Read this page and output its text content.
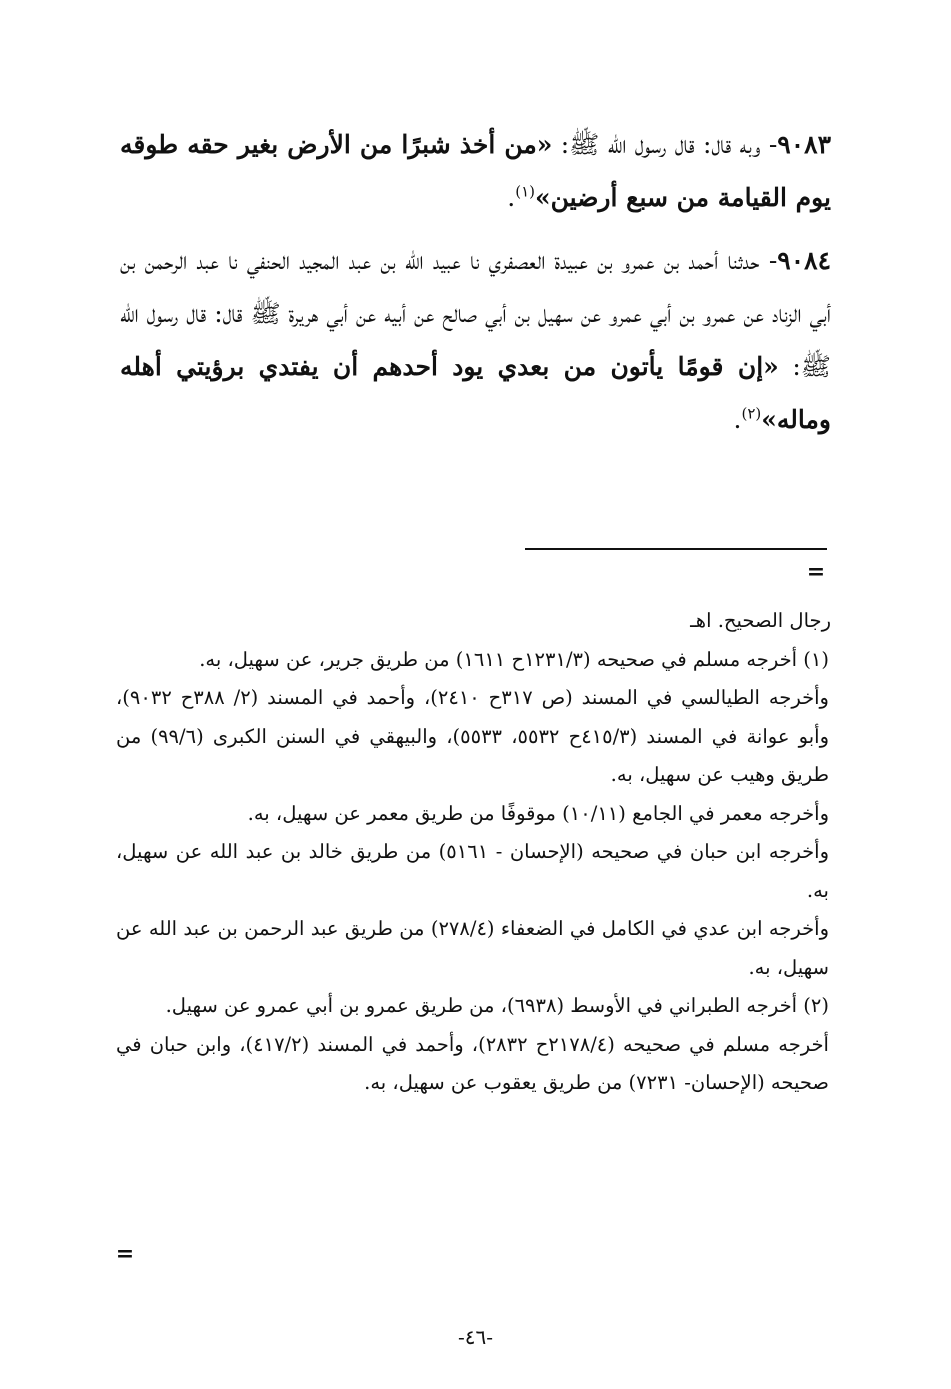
٩٠٨٣- وبه قال: قال رسول الله ﷺ: «من أخذ شبرًا من الأرض بغير حقه طوقه يوم القيامة من سبع أرضين»$^{(١)}$.

٩٠٨٤- حدثنا أحمد بن عمرو بن عبيدة العصفري نا عبيد الله بن عبد المجيد الحنفي نا عبد الرحمن بن أبي الزناد عن عمرو بن أبي عمرو عن سهيل بن أبي صالح عن أبيه عن أبي هريرة ﷺ قال: قال رسول الله ﷺ: «إن قومًا يأتون من بعدي يود أحدهم أن يفتدي برؤيتي أهله وماله»$^{(٢)}$.

=

رجال الصحيح. اهـ

(١) أخرجه مسلم في صحيحه (١٢٣١/٣ح ١٦١١) من طريق جرير، عن سهيل، به.

وأخرجه الطيالسي في المسند (ص ٣١٧ح ٢٤١٠)، وأحمد في المسند (٢/ ٣٨٨ح ٩٠٣٢)، وأبو عوانة في المسند (٤١٥/٣ح ٥٥٣٢، ٥٥٣٣)، والبيهقي في السنن الكبرى (٩٩/٦) من طريق وهيب عن سهيل، به.

وأخرجه معمر في الجامع (١٠/١١) موقوفًا من طريق معمر عن سهيل، به.

وأخرجه ابن حبان في صحيحه (الإحسان - ٥١٦١) من طريق خالد بن عبد الله عن سهيل، به.

وأخرجه ابن عدي في الكامل في الضعفاء (٢٧٨/٤) من طريق عبد الرحمن بن عبد الله عن سهيل، به.

(٢) أخرجه الطبراني في الأوسط (٦٩٣٨)، من طريق عمرو بن أبي عمرو عن سهيل.

أخرجه مسلم في صحيحه (٢١٧٨/٤ح ٢٨٣٢)، وأحمد في المسند (٤١٧/٢)، وابن حبان في صحيحه (الإحسان- ٧٢٣١) من طريق يعقوب عن سهيل، به.

=
-٤٦-
